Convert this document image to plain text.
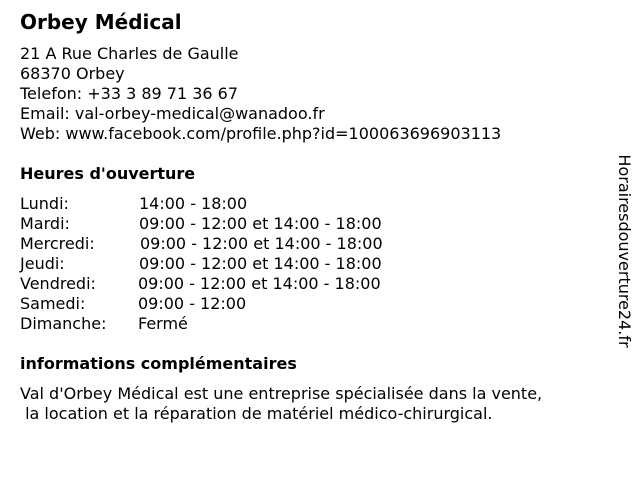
Orbey Médical
21 A Rue Charles de Gaulle
68370 Orbey
Telefon: +33 3 89 71 36 67
Email: val-orbey-medical@wanadoo.fr
Web: www.facebook.com/profile.php?id=100063696903113
Heures d'ouverture
Lundi:	14:00 - 18:00
Mardi:	09:00 - 12:00 et 14:00 - 18:00
Mercredi:	09:00 - 12:00 et 14:00 - 18:00
Jeudi:	09:00 - 12:00 et 14:00 - 18:00
Vendredi:	09:00 - 12:00 et 14:00 - 18:00
Samedi:	09:00 - 12:00
Dimanche: Fermé
informations complémentaires
Val d'Orbey Médical est une entreprise spécialisée dans la vente,
la location et la réparation de matériel médico-chirurgical.
Horairesdouverture24.fr
